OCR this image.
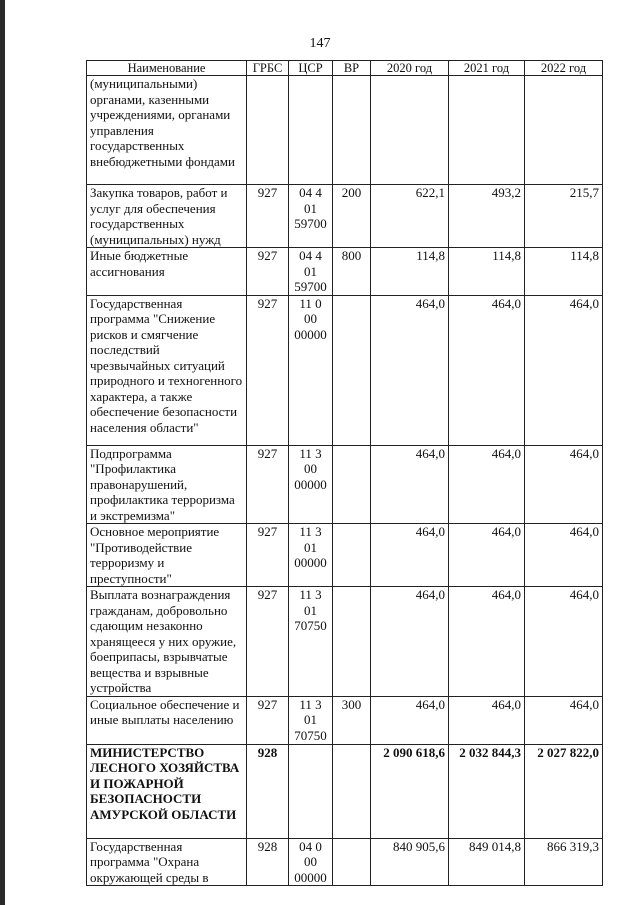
147
Наименование	ГРБС	ЦСР	ВР	2020 год	2021 год	2022 год
(муниципальными) органами, казенными учреждениями, органами управления государственных внебюджетными фондами						
Закупка товаров, работ и услуг для обеспечения государственных (муниципальных) нужд	927	04 4 01 59700	200	622,1	493,2	215,7
Иные бюджетные ассигнования	927	04 4 01 59700	800	114,8	114,8	114,8
Государственная программа "Снижение рисков и смягчение последствий чрезвычайных ситуаций природного и техногенного характера, а также обеспечение безопасности населения области"	927	11 0 00 00000		464,0	464,0	464,0
Подпрограмма "Профилактика правонарушений, профилактика терроризма и экстремизма"	927	11 3 00 00000		464,0	464,0	464,0
Основное мероприятие "Противодействие терроризму и преступности"	927	11 3 01 00000		464,0	464,0	464,0
Выплата вознаграждения гражданам, добровольно сдающим незаконно хранящееся у них оружие, боеприпасы, взрывчатые вещества и взрывные устройства	927	11 3 01 70750		464,0	464,0	464,0
Социальное обеспечение и иные выплаты населению	927	11 3 01 70750	300	464,0	464,0	464,0
МИНИСТЕРСТВО ЛЕСНОГО ХОЗЯЙСТВА И ПОЖАРНОЙ БЕЗОПАСНОСТИ АМУРСКОЙ ОБЛАСТИ	928			2 090 618,6	2 032 844,3	2 027 822,0
Государственная программа "Охрана окружающей среды в	928	04 0 00 00000		840 905,6	849 014,8	866 319,3
